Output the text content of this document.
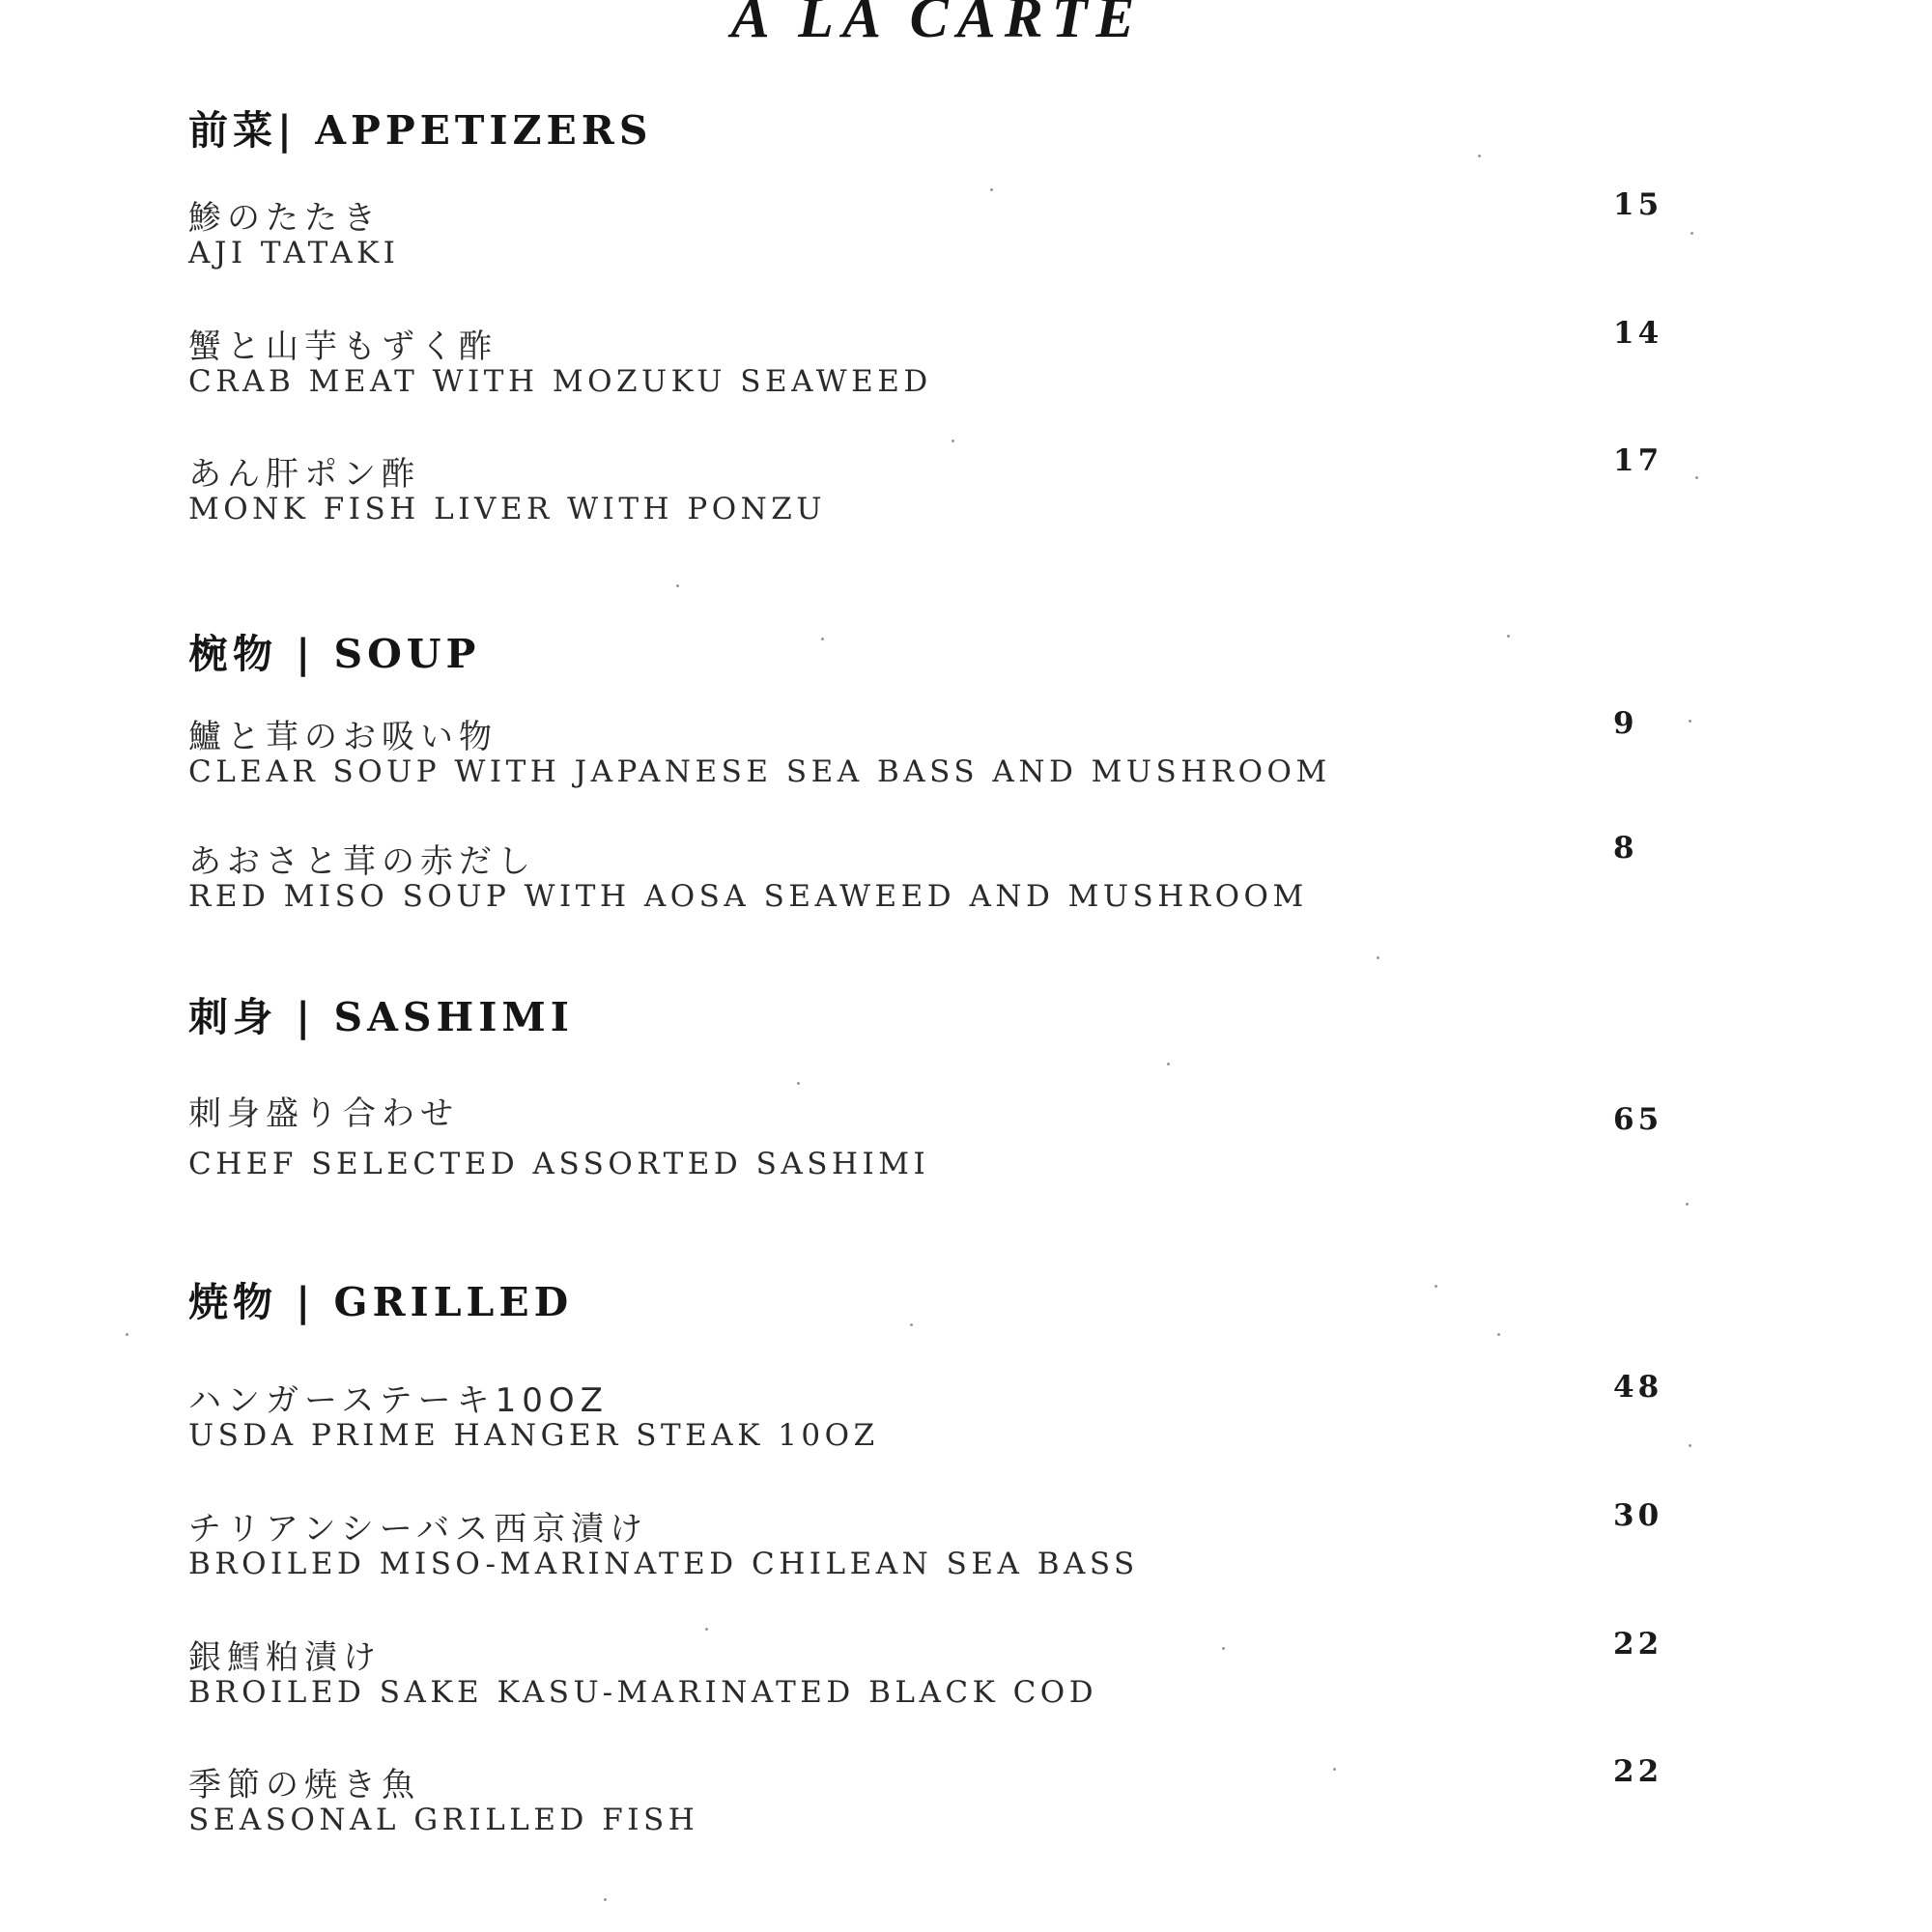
A LA CARTE
前菜| APPETIZERS
鯵のたたき
AJI TATAKI
15
蟹と山芋もずく酢
CRAB MEAT WITH MOZUKU SEAWEED
14
あん肝ポン酢
MONK FISH LIVER WITH PONZU
17
椀物 | SOUP
鱸と茸のお吸い物
CLEAR SOUP WITH JAPANESE SEA BASS AND MUSHROOM
9
あおさと茸の赤だし
RED MISO SOUP WITH AOSA SEAWEED AND MUSHROOM
8
刺身 | SASHIMI
刺身盛り合わせ
CHEF SELECTED ASSORTED SASHIMI
65
焼物 | GRILLED
ハンガーステーキ10OZ
USDA PRIME HANGER STEAK 10OZ
48
チリアンシーバス西京漬け
BROILED MISO-MARINATED CHILEAN SEA BASS
30
銀鱈粕漬け
BROILED SAKE KASU-MARINATED BLACK COD
22
季節の焼き魚
SEASONAL GRILLED FISH
22
